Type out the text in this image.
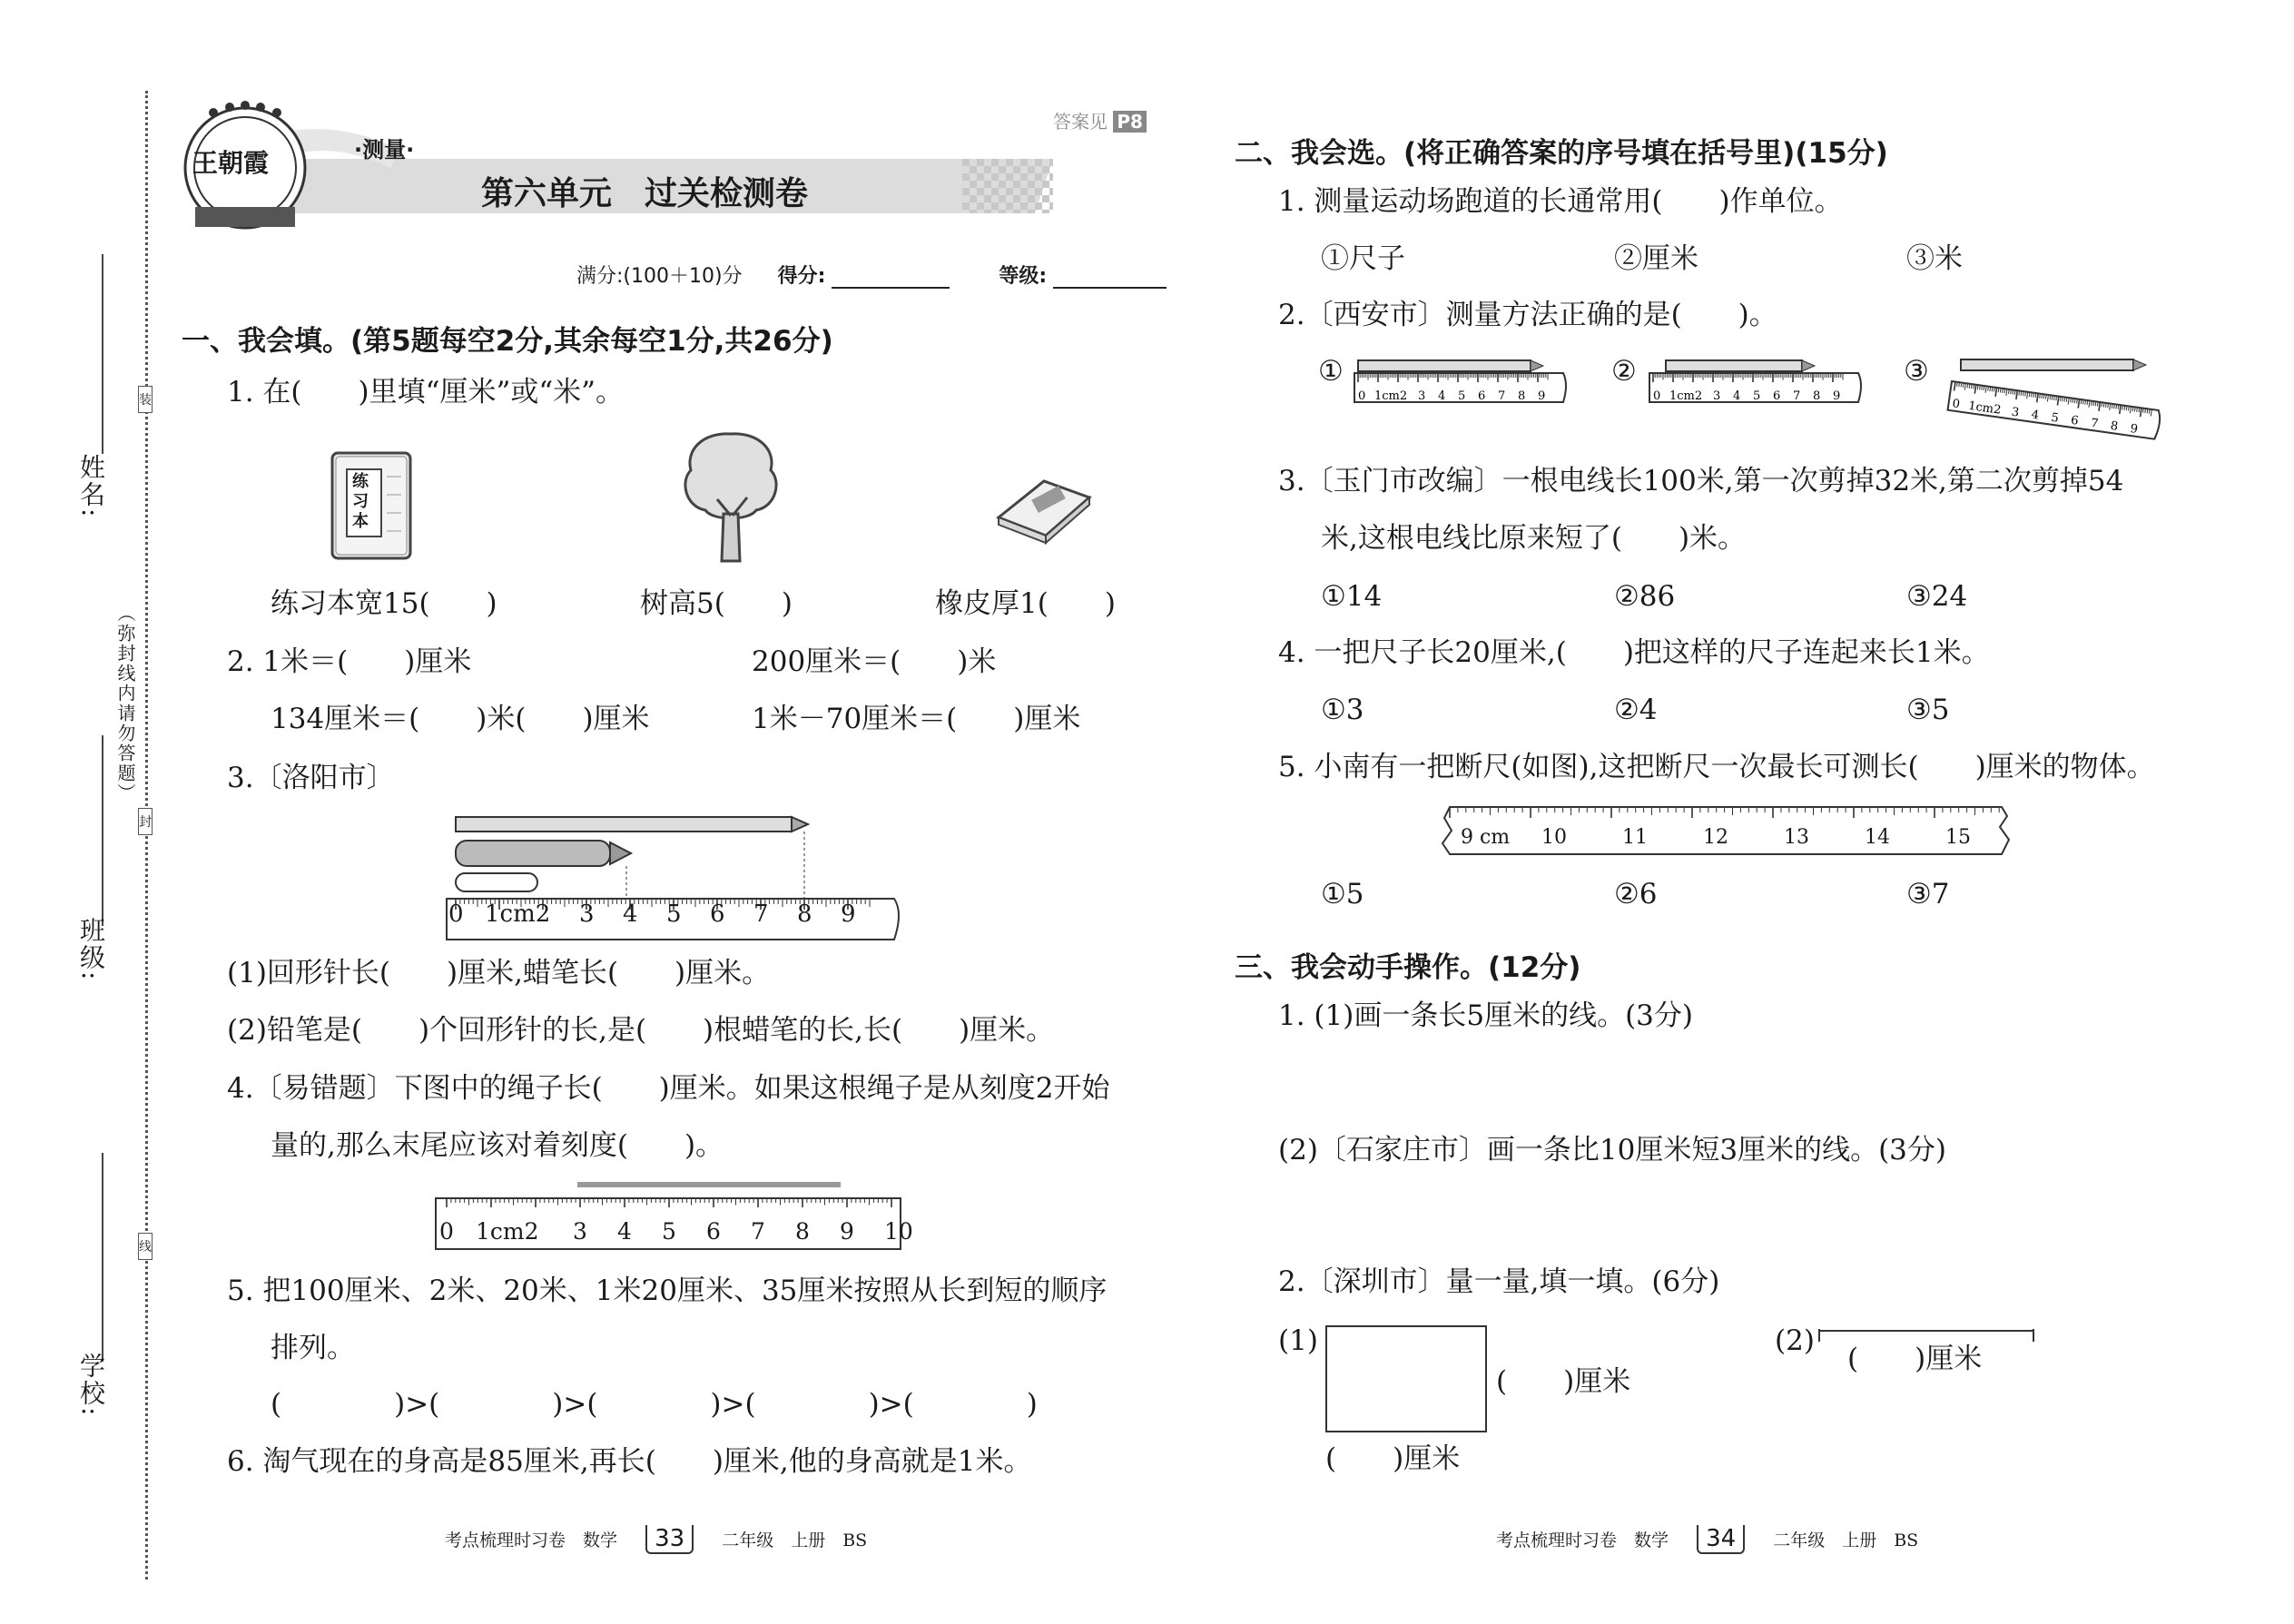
姓名:
班级:
学校:
（弥封线内请勿答题）
装
封
线
王朝霞	·测量·
第六单元　过关检测卷
答案见 P8
满分:(100＋10)分 得分:	等级:
一、我会填。(第5题每空2分,其余每空1分,共26分)
1. 在(　　)里填“厘米”或“米”。
练习本
练习本宽15(　　)	树高5(　　)	橡皮厚1(　　)
2. 1米＝(　　)厘米	200厘米＝(　　)米
134厘米＝(　　)米(　　)厘米	1米－70厘米＝(　　)厘米
3.〔洛阳市〕
0 1cm2 3 4 5 6 7 8 9
(1)回形针长(　　)厘米,蜡笔长(　　)厘米。
(2)铅笔是(　　)个回形针的长,是(　　)根蜡笔的长,长(　　)厘米。
4.〔易错题〕下图中的绳子长(　　)厘米。如果这根绳子是从刻度2开始
量的,那么末尾应该对着刻度(　　)。
0 1cm2 3 4 5 6 7 8 9 10
5. 把100厘米、2米、20米、1米20厘米、35厘米按照从长到短的顺序
排列。
(　　　　)>(　　　　)>(　　　　)>(　　　　)>(　　　　)
6. 淘气现在的身高是85厘米,再长(　　)厘米,他的身高就是1米。
考点梳理时习卷　数学 33 二年级　上册　BS
二、我会选。(将正确答案的序号填在括号里)(15分)
1. 测量运动场跑道的长通常用(　　)作单位。
①尺子	②厘米	③米
2.〔西安市〕测量方法正确的是(　　)。
①	②	③
0 1cm2 3 4 5 6 7 8 9	0 1cm2 3 4 5 6 7 8 9
0 1cm2 3 4 5 6 7 8 9
3.〔玉门市改编〕一根电线长100米,第一次剪掉32米,第二次剪掉54
米,这根电线比原来短了(　　)米。
①14	②86	③24
4. 一把尺子长20厘米,(　　)把这样的尺子连起来长1米。
①3	②4	③5
5. 小南有一把断尺(如图),这把断尺一次最长可测长(　　)厘米的物体。
9 cm 10	11	12	13	14	15
①5	②6	③7
三、我会动手操作。(12分)
1. (1)画一条长5厘米的线。(3分)
(2)〔石家庄市〕画一条比10厘米短3厘米的线。(3分)
2.〔深圳市〕量一量,填一填。(6分)
(1)
(　　)厘米
(　　)厘米
(2)
(　　)厘米
考点梳理时习卷　数学 34 二年级　上册　BS
